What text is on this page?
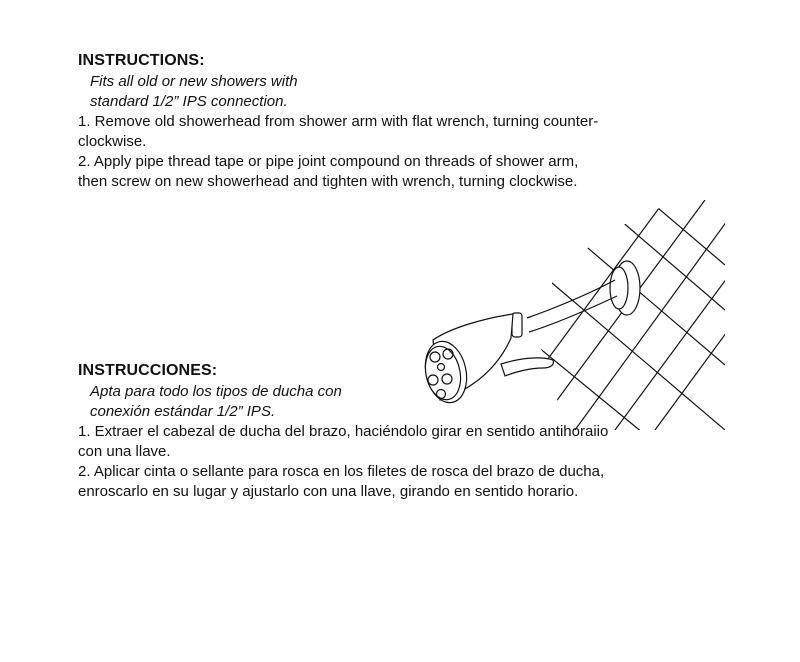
INSTRUCTIONS:
Fits all old or new showers with
standard 1/2” IPS connection.
1. Remove old showerhead from shower arm with flat wrench, turning counter-
clockwise.
2. Apply pipe thread tape or pipe joint compound on threads of shower arm,
then screw on new showerhead and tighten with wrench, turning clockwise.
INSTRUCCIONES:
Apta para todo los tipos de ducha con
conexión estándar 1/2” IPS.
1. Extraer el cabezal de ducha del brazo, haciéndolo girar en sentido antihoraiio
con una llave.
2. Aplicar cinta o sellante para rosca en los filetes de rosca del brazo de ducha,
enroscarlo en su lugar y ajustarlo con una llave, girando en sentido horario.
